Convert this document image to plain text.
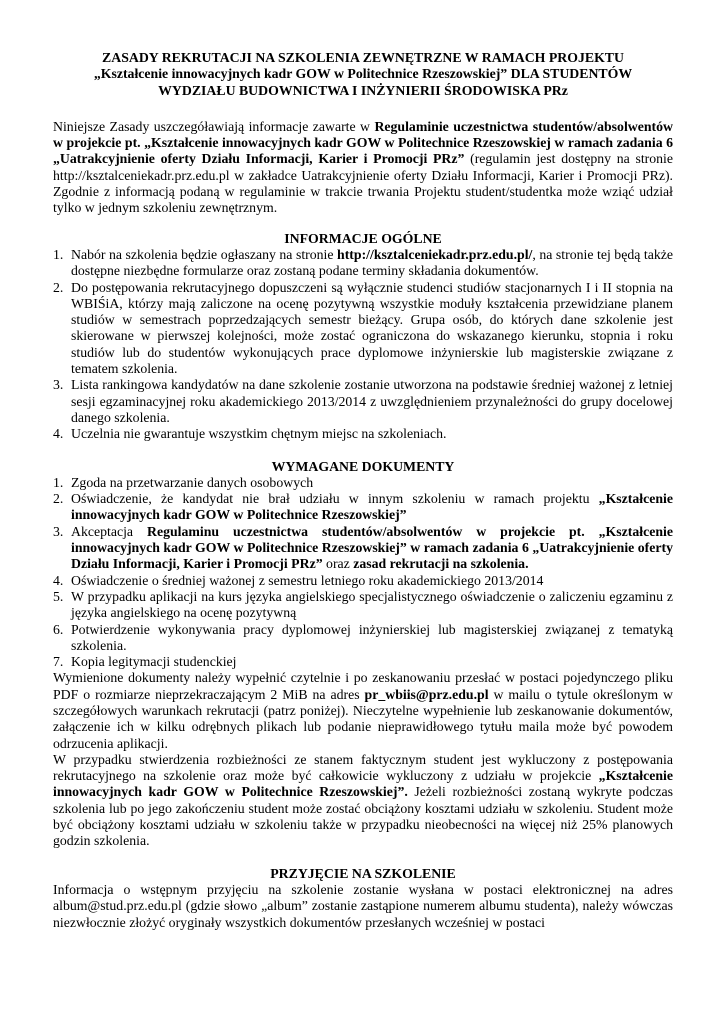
ZASADY REKRUTACJI NA SZKOLENIA ZEWNĘTRZNE W RAMACH PROJEKTU
„Kształcenie innowacyjnych kadr GOW w Politechnice Rzeszowskiej” DLA STUDENTÓW
WYDZIAŁU BUDOWNICTWA I INŻYNIERII ŚRODOWISKA PRz

Niniejsze Zasady uszczegóławiają informacje zawarte w Regulaminie uczestnictwa studentów/absolwentów w projekcie pt. „Kształcenie innowacyjnych kadr GOW w Politechnice Rzeszowskiej w ramach zadania 6 „Uatrakcyjnienie oferty Działu Informacji, Karier i Promocji PRz” (regulamin jest dostępny na stronie http://ksztalceniekadr.prz.edu.pl w zakładce Uatrakcyjnienie oferty Działu Informacji, Karier i Promocji PRz). Zgodnie z informacją podaną w regulaminie w trakcie trwania Projektu student/studentka może wziąć udział tylko w jednym szkoleniu zewnętrznym.

INFORMACJE OGÓLNE
1. Nabór na szkolenia będzie ogłaszany na stronie http://ksztalceniekadr.prz.edu.pl/, na stronie tej będą także dostępne niezbędne formularze oraz zostaną podane terminy składania dokumentów.
2. Do postępowania rekrutacyjnego dopuszczeni są wyłącznie studenci studiów stacjonarnych I i II stopnia na WBIŚiA, którzy mają zaliczone na ocenę pozytywną wszystkie moduły kształcenia przewidziane planem studiów w semestrach poprzedzających semestr bieżący. Grupa osób, do których dane szkolenie jest skierowane w pierwszej kolejności, może zostać ograniczona do wskazanego kierunku, stopnia i roku studiów lub do studentów wykonujących prace dyplomowe inżynierskie lub magisterskie związane z tematem szkolenia.
3. Lista rankingowa kandydatów na dane szkolenie zostanie utworzona na podstawie średniej ważonej z letniej sesji egzaminacyjnej roku akademickiego 2013/2014 z uwzględnieniem przynależności do grupy docelowej danego szkolenia.
4. Uczelnia nie gwarantuje wszystkim chętnym miejsc na szkoleniach.
WYMAGANE DOKUMENTY
1. Zgoda na przetwarzanie danych osobowych
2. Oświadczenie, że kandydat nie brał udziału w innym szkoleniu w ramach projektu „Kształcenie innowacyjnych kadr GOW w Politechnice Rzeszowskiej”
3. Akceptacja Regulaminu uczestnictwa studentów/absolwentów w projekcie pt. „Kształcenie innowacyjnych kadr GOW w Politechnice Rzeszowskiej” w ramach zadania 6 „Uatrakcyjnienie oferty Działu Informacji, Karier i Promocji PRz” oraz zasad rekrutacji na szkolenia.
4. Oświadczenie o średniej ważonej z semestru letniego roku akademickiego 2013/2014
5. W przypadku aplikacji na kurs języka angielskiego specjalistycznego oświadczenie o zaliczeniu egzaminu z języka angielskiego na ocenę pozytywną
6. Potwierdzenie wykonywania pracy dyplomowej inżynierskiej lub magisterskiej związanej z tematyką szkolenia.
7. Kopia legitymacji studenckiej

Wymienione dokumenty należy wypełnić czytelnie i po zeskanowaniu przesłać w postaci pojedynczego pliku PDF o rozmiarze nieprzekraczającym 2 MiB na adres pr_wbiis@prz.edu.pl w mailu o tytule określonym w szczegółowych warunkach rekrutacji (patrz poniżej). Nieczytelne wypełnienie lub zeskanowanie dokumentów, załączenie ich w kilku odrębnych plikach lub podanie nieprawidłowego tytułu maila może być powodem odrzucenia aplikacji.

W przypadku stwierdzenia rozbieżności ze stanem faktycznym student jest wykluczony z postępowania rekrutacyjnego na szkolenie oraz może być całkowicie wykluczony z udziału w projekcie „Kształcenie innowacyjnych kadr GOW w Politechnice Rzeszowskiej”. Jeżeli rozbieżności zostaną wykryte podczas szkolenia lub po jego zakończeniu student może zostać obciążony kosztami udziału w szkoleniu. Student może być obciążony kosztami udziału w szkoleniu także w przypadku nieobecności na więcej niż 25% planowych godzin szkolenia.

PRZYJĘCIE NA SZKOLENIE

Informacja o wstępnym przyjęciu na szkolenie zostanie wysłana w postaci elektronicznej na adres album@stud.prz.edu.pl (gdzie słowo „album” zostanie zastąpione numerem albumu studenta), należy wówczas niezwłocznie złożyć oryginały wszystkich dokumentów przesłanych wcześniej w postaci
